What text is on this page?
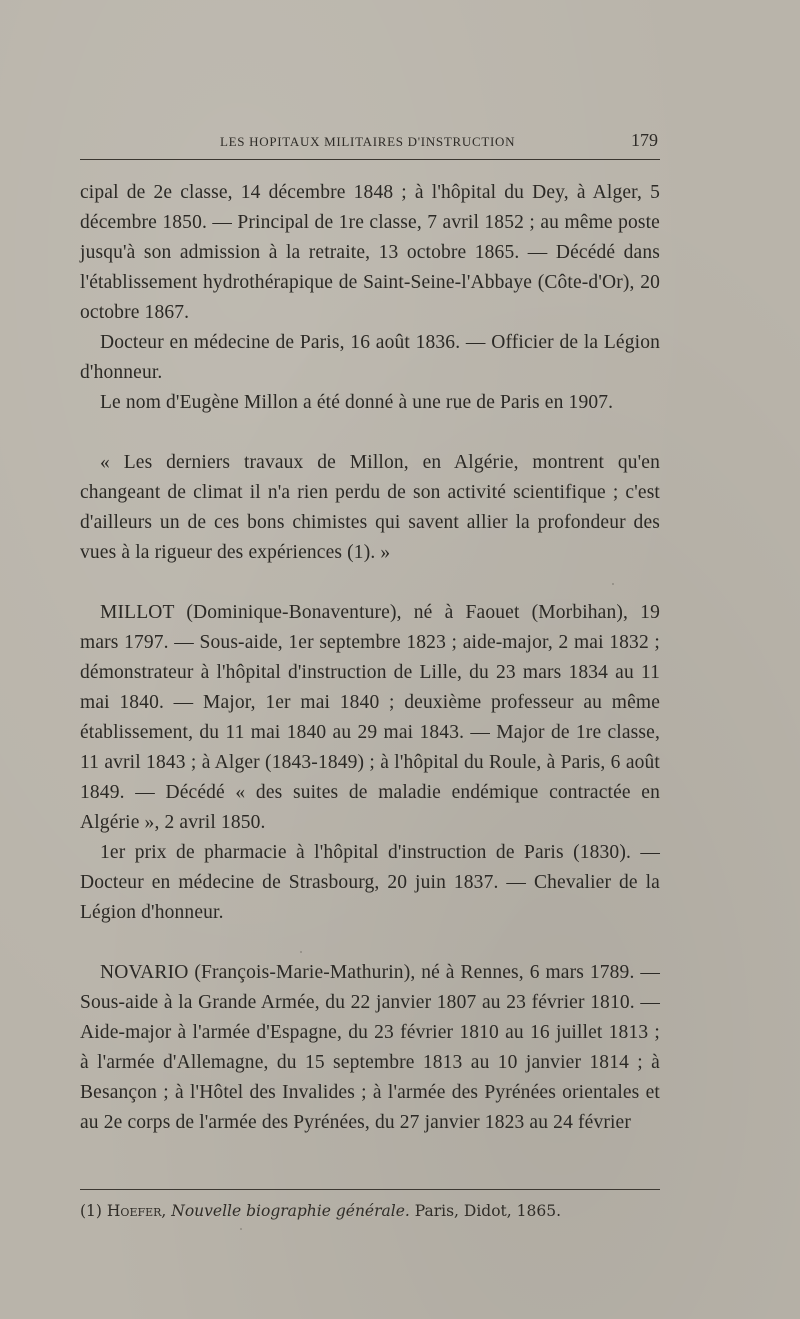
LES HOPITAUX MILITAIRES D'INSTRUCTION	179

cipal de 2e classe, 14 décembre 1848 ; à l'hôpital du Dey, à Alger, 5 décembre 1850. — Principal de 1re classe, 7 avril 1852 ; au même poste jusqu'à son admission à la retraite, 13 octobre 1865. — Décédé dans l'établissement hydrothérapique de Saint-Seine-l'Abbaye (Côte-d'Or), 20 octobre 1867.

Docteur en médecine de Paris, 16 août 1836. — Officier de la Légion d'honneur.

Le nom d'Eugène Millon a été donné à une rue de Paris en 1907.

« Les derniers travaux de Millon, en Algérie, montrent qu'en changeant de climat il n'a rien perdu de son activité scientifique ; c'est d'ailleurs un de ces bons chimistes qui savent allier la profondeur des vues à la rigueur des expériences (1). »

MILLOT (Dominique-Bonaventure), né à Faouet (Morbihan), 19 mars 1797. — Sous-aide, 1er septembre 1823 ; aide-major, 2 mai 1832 ; démonstrateur à l'hôpital d'instruction de Lille, du 23 mars 1834 au 11 mai 1840. — Major, 1er mai 1840 ; deuxième professeur au même établissement, du 11 mai 1840 au 29 mai 1843. — Major de 1re classe, 11 avril 1843 ; à Alger (1843-1849) ; à l'hôpital du Roule, à Paris, 6 août 1849. — Décédé « des suites de maladie endémique contractée en Algérie », 2 avril 1850.

1er prix de pharmacie à l'hôpital d'instruction de Paris (1830). — Docteur en médecine de Strasbourg, 20 juin 1837. — Chevalier de la Légion d'honneur.

NOVARIO (François-Marie-Mathurin), né à Rennes, 6 mars 1789. — Sous-aide à la Grande Armée, du 22 janvier 1807 au 23 février 1810. — Aide-major à l'armée d'Espagne, du 23 février 1810 au 16 juillet 1813 ; à l'armée d'Allemagne, du 15 septembre 1813 au 10 janvier 1814 ; à Besançon ; à l'Hôtel des Invalides ; à l'armée des Pyrénées orientales et au 2e corps de l'armée des Pyrénées, du 27 janvier 1823 au 24 février

(1) Hoefer, Nouvelle biographie générale. Paris, Didot, 1865.
